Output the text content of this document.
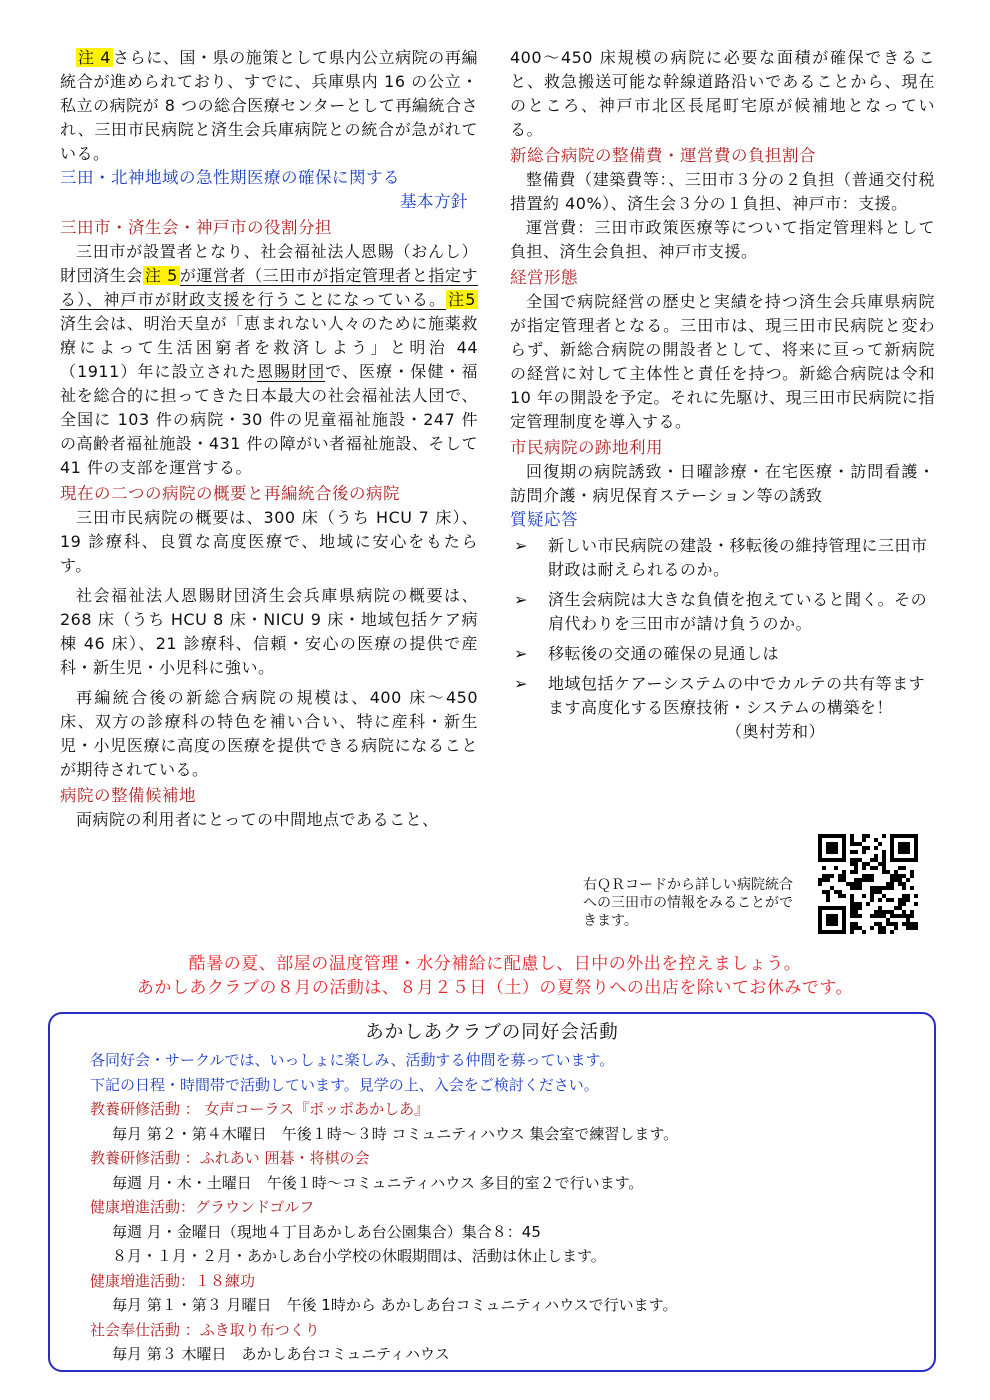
注 4 さらに、国・県の施策として県内公立病院の再編統合が進められており、すでに、兵庫県内 16 の公立・私立の病院が 8 つの総合医療センターとして再編統合され、三田市民病院と済生会兵庫病院との統合が急がれている。

三田・北神地域の急性期医療の確保に関する

基本方針

三田市・済生会・神戸市の役割分担

三田市が設置者となり、社会福祉法人恩賜（おんし）財団済生会 注 5 が運営者（三田市が指定管理者と指定する）、神戸市が財政支援を行うことになっている。 注5済生会は、明治天皇が「恵まれない人々のために施薬救療によって生活困窮者を救済しよう」と明治 44（1911）年に設立された恩賜財団で、医療・保健・福祉を総合的に担ってきた日本最大の社会福祉法人団で、全国に 103 件の病院・30 件の児童福祉施設・247 件の高齢者福祉施設・431 件の障がい者福祉施設、そして 41 件の支部を運営する。

現在の二つの病院の概要と再編統合後の病院

三田市民病院の概要は、300 床（うち HCU 7 床）、19 診療科、良質な高度医療で、地域に安心をもたらす。

社会福祉法人恩賜財団済生会兵庫県病院の概要は、268 床（うち HCU 8 床・NICU 9 床・地域包括ケア病棟 46 床）、21 診療科、信頼・安心の医療の提供で産科・新生児・小児科に強い。

再編統合後の新総合病院の規模は、400 床～450 床、双方の診療科の特色を補い合い、特に産科・新生児・小児医療に高度の医療を提供できる病院になることが期待されている。

病院の整備候補地

両病院の利用者にとっての中間地点であること、

400～450 床規模の病院に必要な面積が確保できること、救急搬送可能な幹線道路沿いであることから、現在のところ、神戸市北区長尾町宅原が候補地となっている。

新総合病院の整備費・運営費の負担割合

整備費（建築費等：、三田市３分の２負担（普通交付税措置約 40%）、済生会３分の１負担、神戸市：支援。

運営費：三田市政策医療等について指定管理料として負担、済生会負担、神戸市支援。

経営形態

全国で病院経営の歴史と実績を持つ済生会兵庫県病院が指定管理者となる。三田市は、現三田市民病院と変わらず、新総合病院の開設者として、将来に亘って新病院の経営に対して主体性と責任を持つ。新総合病院は令和 10 年の開設を予定。それに先駆け、現三田市民病院に指定管理制度を導入する。

市民病院の跡地利用

回復期の病院誘致・日曜診療・在宅医療・訪問看護・訪問介護・病児保育ステーション等の誘致

質疑応答

➢ 新しい市民病院の建設・移転後の維持管理に三田市財政は耐えられるのか。
➢ 済生会病院は大きな負債を抱えていると聞く。その肩代わりを三田市が請け負うのか。
➢ 移転後の交通の確保の見通しは
➢ 地域包括ケアーシステムの中でカルテの共有等ますます高度化する医療技術・システムの構築を！

（奥村芳和）

右ＱＲコードから詳しい病院統合への三田市の情報をみることができます。

酷暑の夏、部屋の温度管理・水分補給に配慮し、日中の外出を控えましょう。

あかしあクラブの８月の活動は、８月２５日（土）の夏祭りへの出店を除いてお休みです。

あかしあクラブの同好会活動

各同好会・サークルでは、いっしょに楽しみ、活動する仲間を募っています。

下記の日程・時間帯で活動しています。見学の上、入会をご検討ください。

教養研修活動 ： 女声コーラス『ポッポあかしあ』

毎月 第２・第４木曜日　午後１時～３時 コミュニティハウス 集会室で練習します。

教養研修活動 ：ふれあい 囲碁・将棋の会

毎週 月・木・土曜日　午後１時～コミュニティハウス 多目的室２で行います。

健康増進活動：グラウンドゴルフ

毎週 月・金曜日（現地４丁目あかしあ台公園集合）集合８：45

８月・１月・２月・あかしあ台小学校の休暇期間は、活動は休止します。

健康増進活動：１８練功

毎月 第１・第３ 月曜日　午後 1時から あかしあ台コミュニティハウスで行います。

社会奉仕活動 ：ふき取り布つくり

毎月 第３ 木曜日　あかしあ台コミュニティハウス
